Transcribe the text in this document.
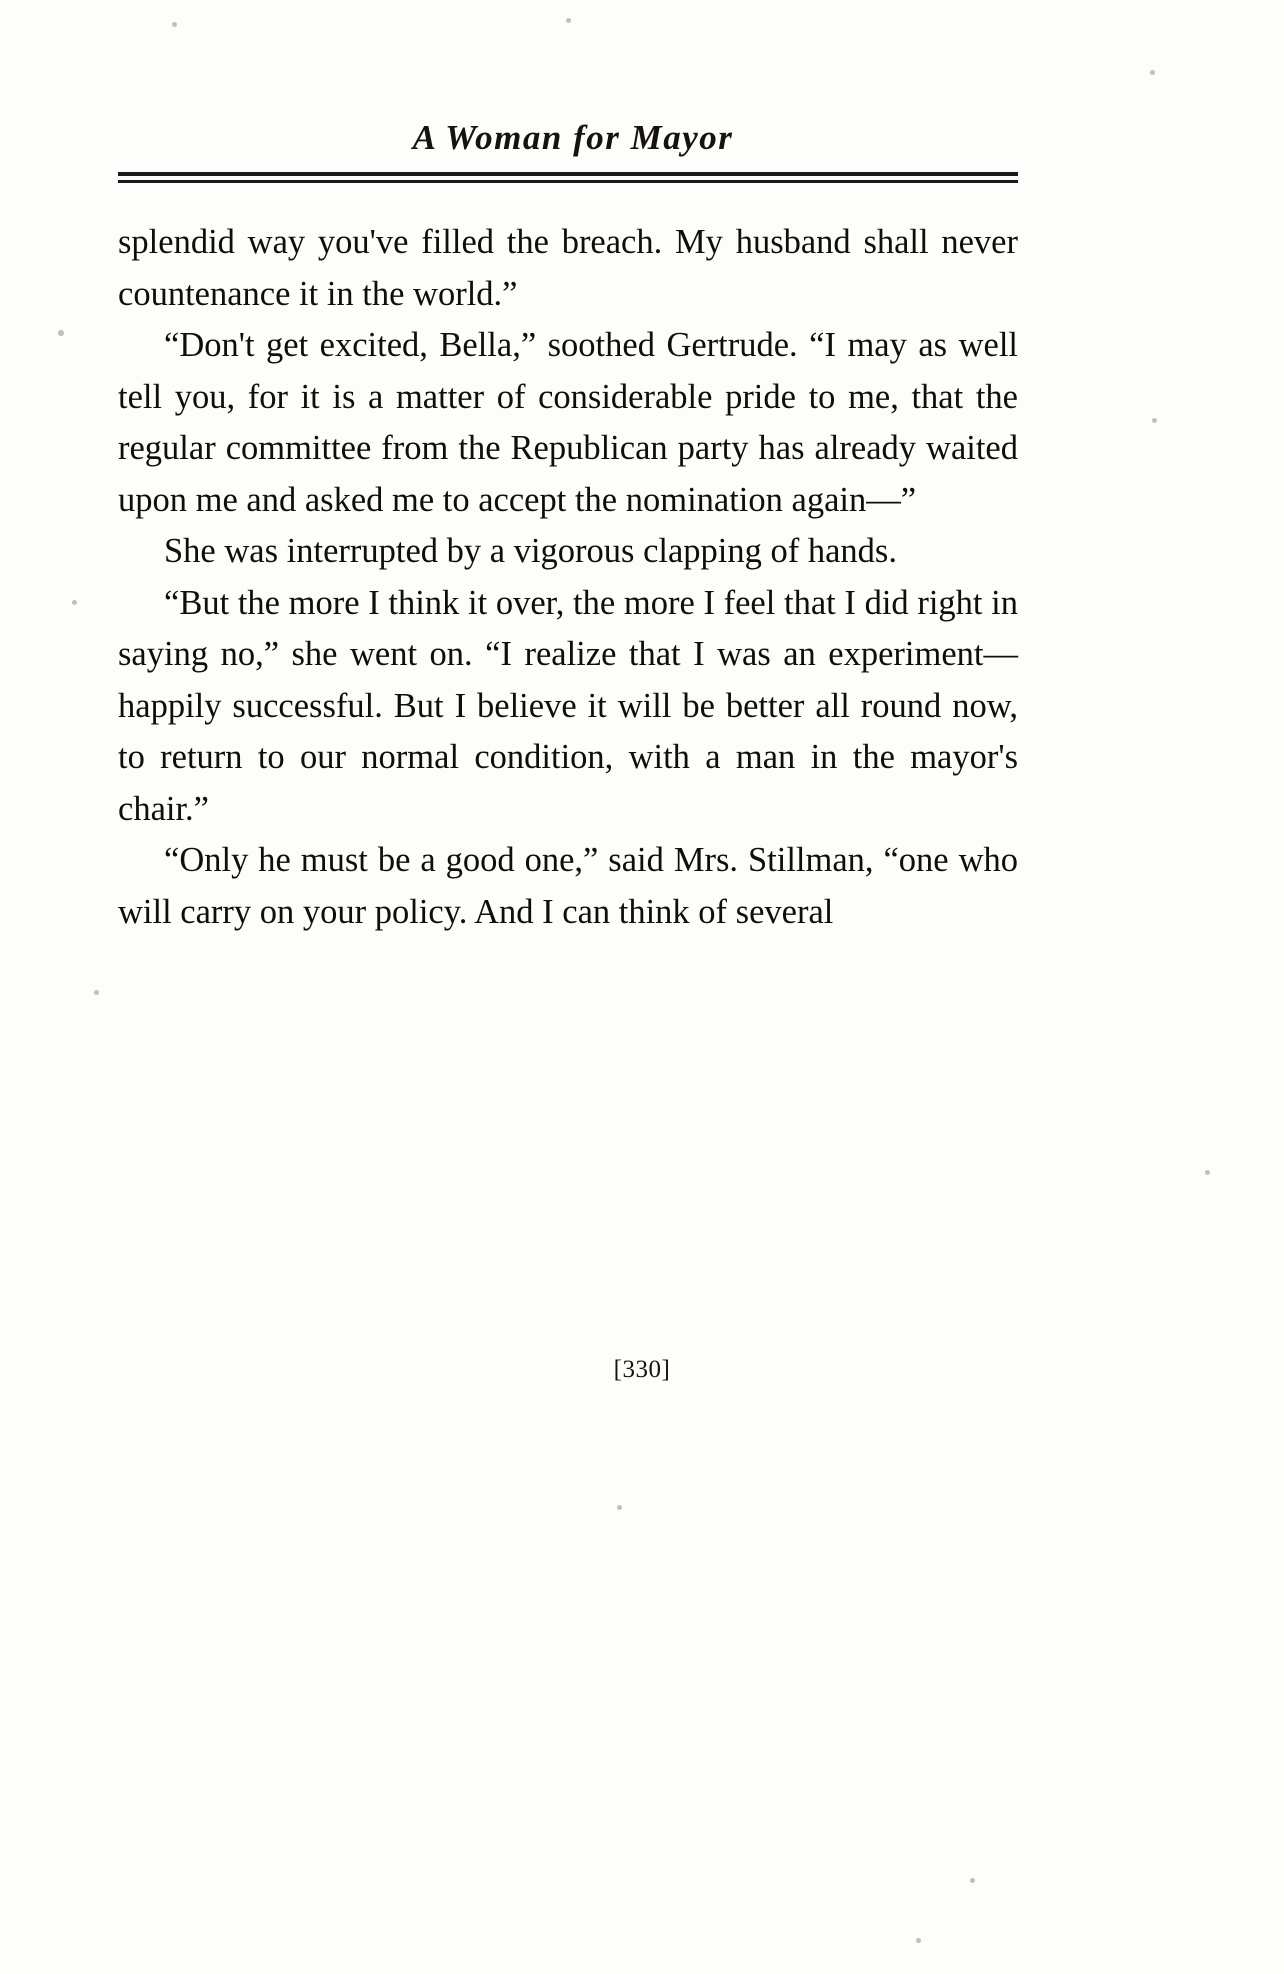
A Woman for Mayor

splendid way you've filled the breach. My husband shall never countenance it in the world.”

“Don't get excited, Bella,” soothed Gertrude. “I may as well tell you, for it is a matter of considerable pride to me, that the regular committee from the Republican party has already waited upon me and asked me to accept the nomination again—”

She was interrupted by a vigorous clapping of hands.

“But the more I think it over, the more I feel that I did right in saying no,” she went on. “I realize that I was an experiment—happily successful. But I believe it will be better all round now, to return to our normal condition, with a man in the mayor's chair.”

“Only he must be a good one,” said Mrs. Stillman, “one who will carry on your policy. And I can think of several

[330]
